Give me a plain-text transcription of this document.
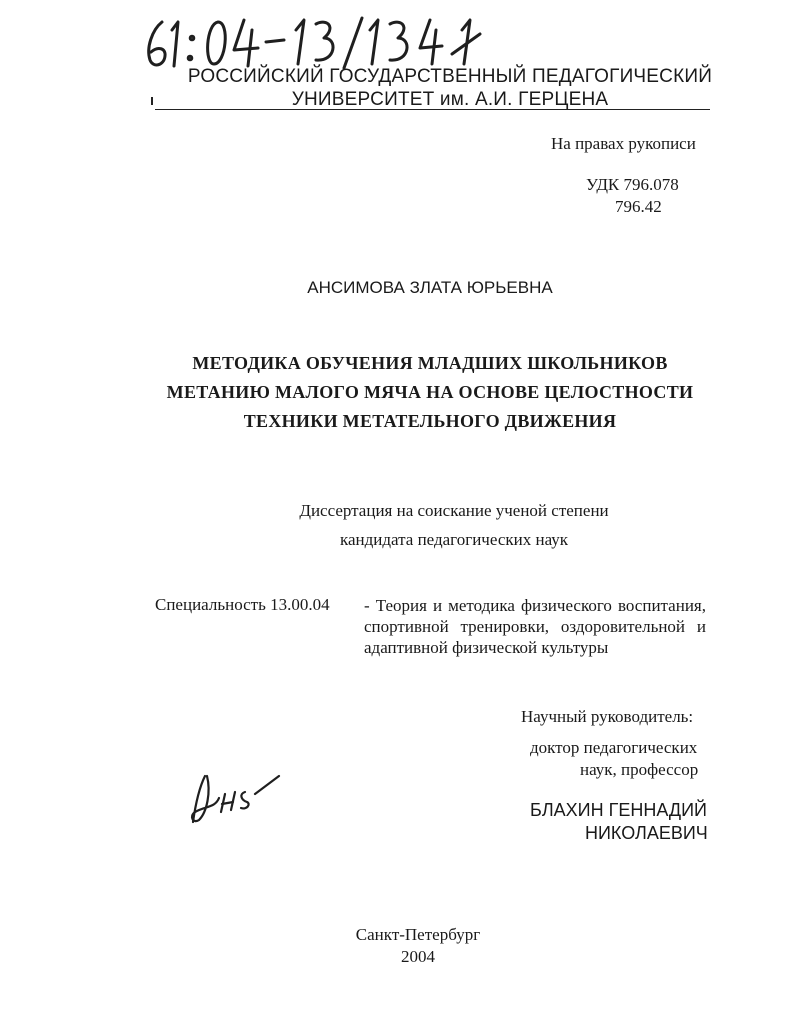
РОССИЙСКИЙ ГОСУДАРСТВЕННЫЙ ПЕДАГОГИЧЕСКИЙ
УНИВЕРСИТЕТ им. А.И. ГЕРЦЕНА
На правах рукописи
УДК 796.078
796.42
АНСИМОВА ЗЛАТА ЮРЬЕВНА
МЕТОДИКА ОБУЧЕНИЯ МЛАДШИХ ШКОЛЬНИКОВ
МЕТАНИЮ МАЛОГО МЯЧА НА ОСНОВЕ ЦЕЛОСТНОСТИ
ТЕХНИКИ МЕТАТЕЛЬНОГО ДВИЖЕНИЯ
Диссертация на соискание ученой степени
кандидата педагогических наук
Специальность 13.00.04 - Теория и методика физического воспитания, спортивной тренировки, оздоровительной и адаптивной физической культуры
Научный руководитель:
доктор педагогических
наук, профессор
БЛАХИН ГЕННАДИЙ
НИКОЛАЕВИЧ
Санкт-Петербург
2004
